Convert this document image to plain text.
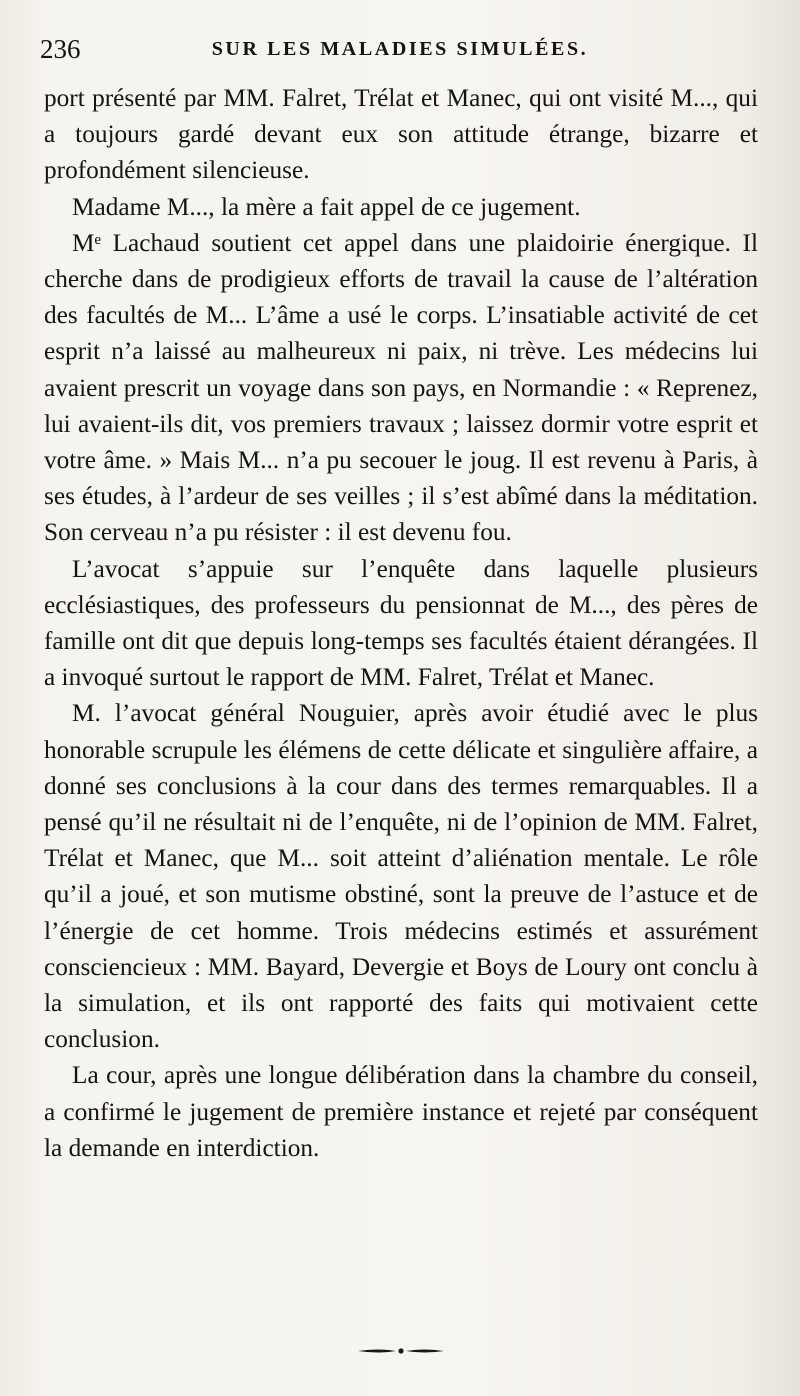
236	SUR LES MALADIES SIMULÉES.

port présenté par MM. Falret, Trélat et Manec, qui ont visité M..., qui a toujours gardé devant eux son attitude étrange, bizarre et profondément silencieuse.

Madame M..., la mère a fait appel de ce jugement.

Mᵉ Lachaud soutient cet appel dans une plaidoirie énergique. Il cherche dans de prodigieux efforts de travail la cause de l’altération des facultés de M... L’âme a usé le corps. L’insatiable activité de cet esprit n’a laissé au malheureux ni paix, ni trève. Les médecins lui avaient prescrit un voyage dans son pays, en Normandie : « Reprenez, lui avaient-ils dit, vos premiers travaux ; laissez dormir votre esprit et votre âme. » Mais M... n’a pu secouer le joug. Il est revenu à Paris, à ses études, à l’ardeur de ses veilles ; il s’est abîmé dans la méditation. Son cerveau n’a pu résister : il est devenu fou.

L’avocat s’appuie sur l’enquête dans laquelle plusieurs ecclésiastiques, des professeurs du pensionnat de M..., des pères de famille ont dit que depuis long-temps ses facultés étaient dérangées. Il a invoqué surtout le rapport de MM. Falret, Trélat et Manec.

M. l’avocat général Nouguier, après avoir étudié avec le plus honorable scrupule les élémens de cette délicate et singulière affaire, a donné ses conclusions à la cour dans des termes remarquables. Il a pensé qu’il ne résultait ni de l’enquête, ni de l’opinion de MM. Falret, Trélat et Manec, que M... soit atteint d’aliénation mentale. Le rôle qu’il a joué, et son mutisme obstiné, sont la preuve de l’astuce et de l’énergie de cet homme. Trois médecins estimés et assurément consciencieux : MM. Bayard, Devergie et Boys de Loury ont conclu à la simulation, et ils ont rapporté des faits qui motivaient cette conclusion.

La cour, après une longue délibération dans la chambre du conseil, a confirmé le jugement de première instance et rejeté par conséquent la demande en interdiction.
